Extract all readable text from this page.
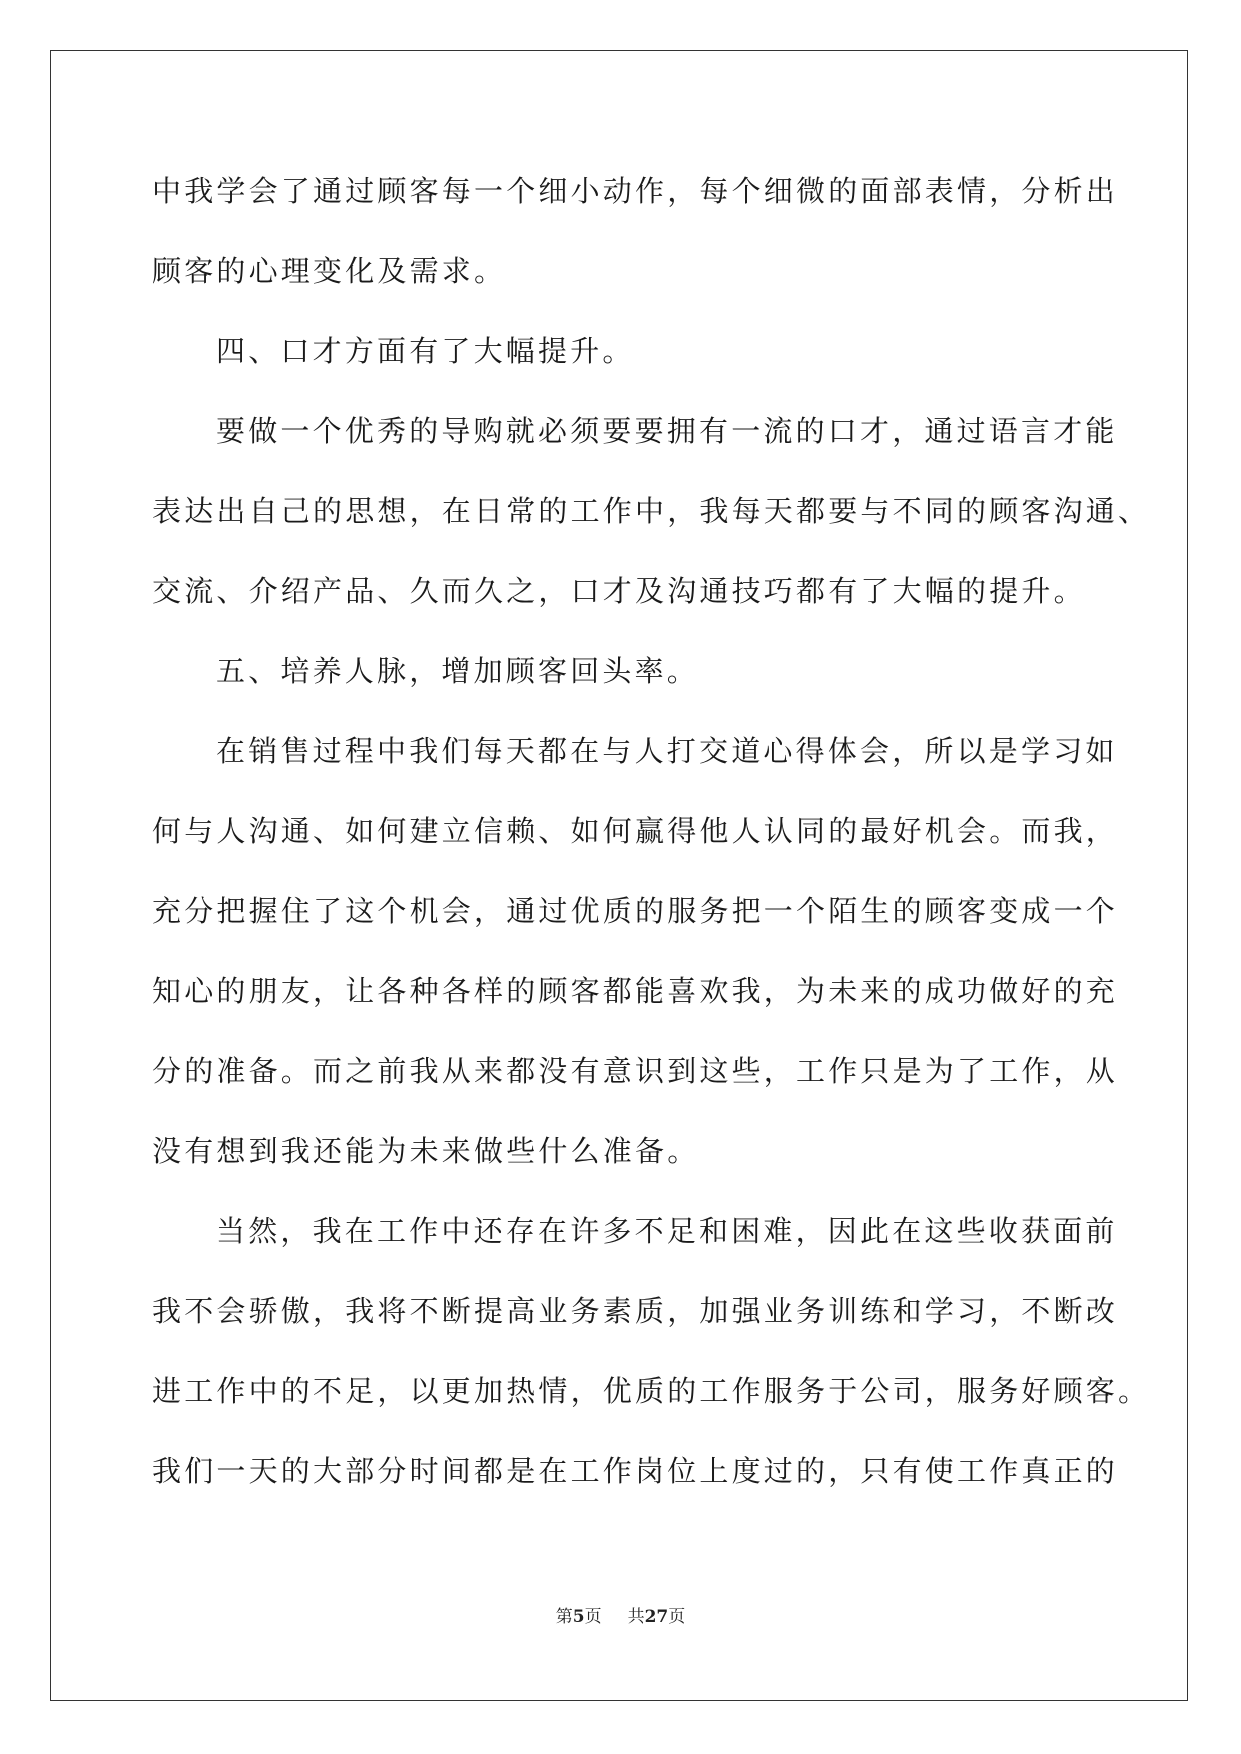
中我学会了通过顾客每一个细小动作，每个细微的面部表情，分析出
顾客的心理变化及需求。
四、口才方面有了大幅提升。
要做一个优秀的导购就必须要要拥有一流的口才，通过语言才能
表达出自己的思想，在日常的工作中，我每天都要与不同的顾客沟通、
交流、介绍产品、久而久之，口才及沟通技巧都有了大幅的提升。
五、培养人脉，增加顾客回头率。
在销售过程中我们每天都在与人打交道心得体会，所以是学习如
何与人沟通、如何建立信赖、如何赢得他人认同的最好机会。而我，
充分把握住了这个机会，通过优质的服务把一个陌生的顾客变成一个
知心的朋友，让各种各样的顾客都能喜欢我，为未来的成功做好的充
分的准备。而之前我从来都没有意识到这些，工作只是为了工作，从
没有想到我还能为未来做些什么准备。
当然，我在工作中还存在许多不足和困难，因此在这些收获面前
我不会骄傲，我将不断提高业务素质，加强业务训练和学习，不断改
进工作中的不足，以更加热情，优质的工作服务于公司，服务好顾客。
我们一天的大部分时间都是在工作岗位上度过的，只有使工作真正的
第5页 共27页
